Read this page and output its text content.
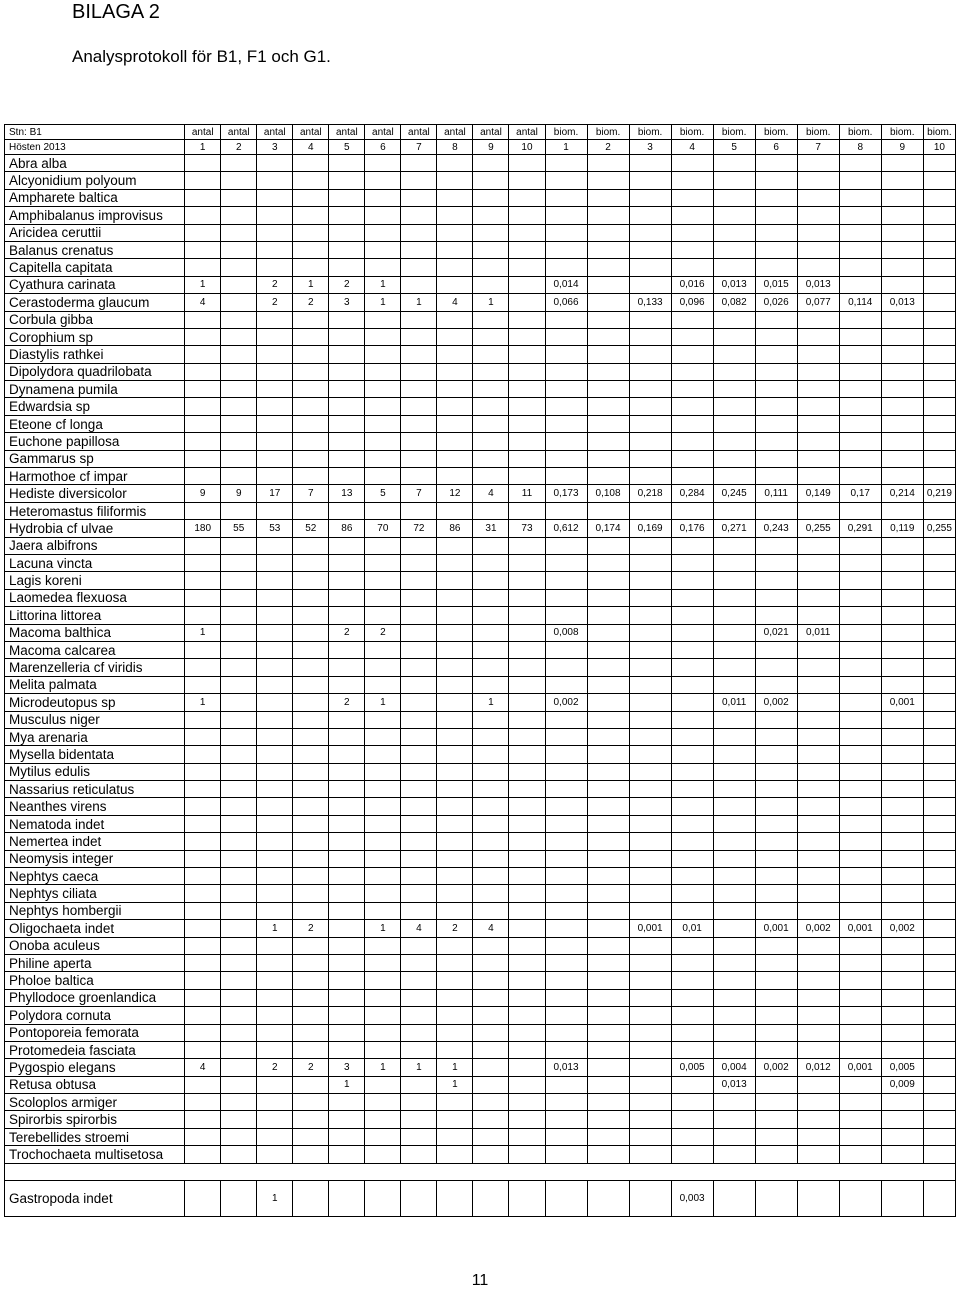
BILAGA 2
Analysprotokoll för B1, F1 och G1.
Stn: B1	antal	antal	antal	antal	antal	antal	antal	antal	antal	antal	biom.	biom.	biom.	biom.	biom.	biom.	biom.	biom.	biom.	biom.
Hösten 2013	1	2	3	4	5	6	7	8	9	10	1	2	3	4	5	6	7	8	9	10
Abra alba																				
Alcyonidium polyoum																				
Ampharete baltica																				
Amphibalanus improvisus																				
Aricidea ceruttii																				
Balanus crenatus																				
Capitella capitata																				
Cyathura carinata	1		2	1	2	1					0,014			0,016	0,013	0,015	0,013			
Cerastoderma glaucum	4		2	2	3	1	1	4	1		0,066		0,133	0,096	0,082	0,026	0,077	0,114	0,013	
Corbula gibba																				
Corophium sp																				
Diastylis rathkei																				
Dipolydora quadrilobata																				
Dynamena pumila																				
Edwardsia sp																				
Eteone cf longa																				
Euchone papillosa																				
Gammarus sp																				
Harmothoe cf impar																				
Hediste diversicolor	9	9	17	7	13	5	7	12	4	11	0,173	0,108	0,218	0,284	0,245	0,111	0,149	0,17	0,214	0,219
Heteromastus filiformis																				
Hydrobia cf ulvae	180	55	53	52	86	70	72	86	31	73	0,612	0,174	0,169	0,176	0,271	0,243	0,255	0,291	0,119	0,255
Jaera albifrons																				
Lacuna vincta																				
Lagis koreni																				
Laomedea flexuosa																				
Littorina littorea																				
Macoma balthica	1				2	2					0,008					0,021	0,011			
Macoma calcarea																				
Marenzelleria cf viridis																				
Melita palmata																				
Microdeutopus sp	1				2	1			1		0,002				0,011	0,002			0,001	
Musculus niger																				
Mya arenaria																				
Mysella bidentata																				
Mytilus edulis																				
Nassarius reticulatus																				
Neanthes virens																				
Nematoda indet																				
Nemertea indet																				
Neomysis integer																				
Nephtys caeca																				
Nephtys ciliata																				
Nephtys hombergii																				
Oligochaeta indet			1	2		1	4	2	4				0,001	0,01		0,001	0,002	0,001	0,002	
Onoba aculeus																				
Philine aperta																				
Pholoe baltica																				
Phyllodoce groenlandica																				
Polydora cornuta																				
Pontoporeia femorata																				
Protomedeia fasciata																				
Pygospio elegans	4		2	2	3	1	1	1			0,013			0,005	0,004	0,002	0,012	0,001	0,005	
Retusa obtusa					1			1							0,013				0,009	
Scoloplos armiger																				
Spirorbis spirorbis																				
Terebellides stroemi																				
Trochochaeta multisetosa																				

Gastropoda indet			1											0,003						
11
